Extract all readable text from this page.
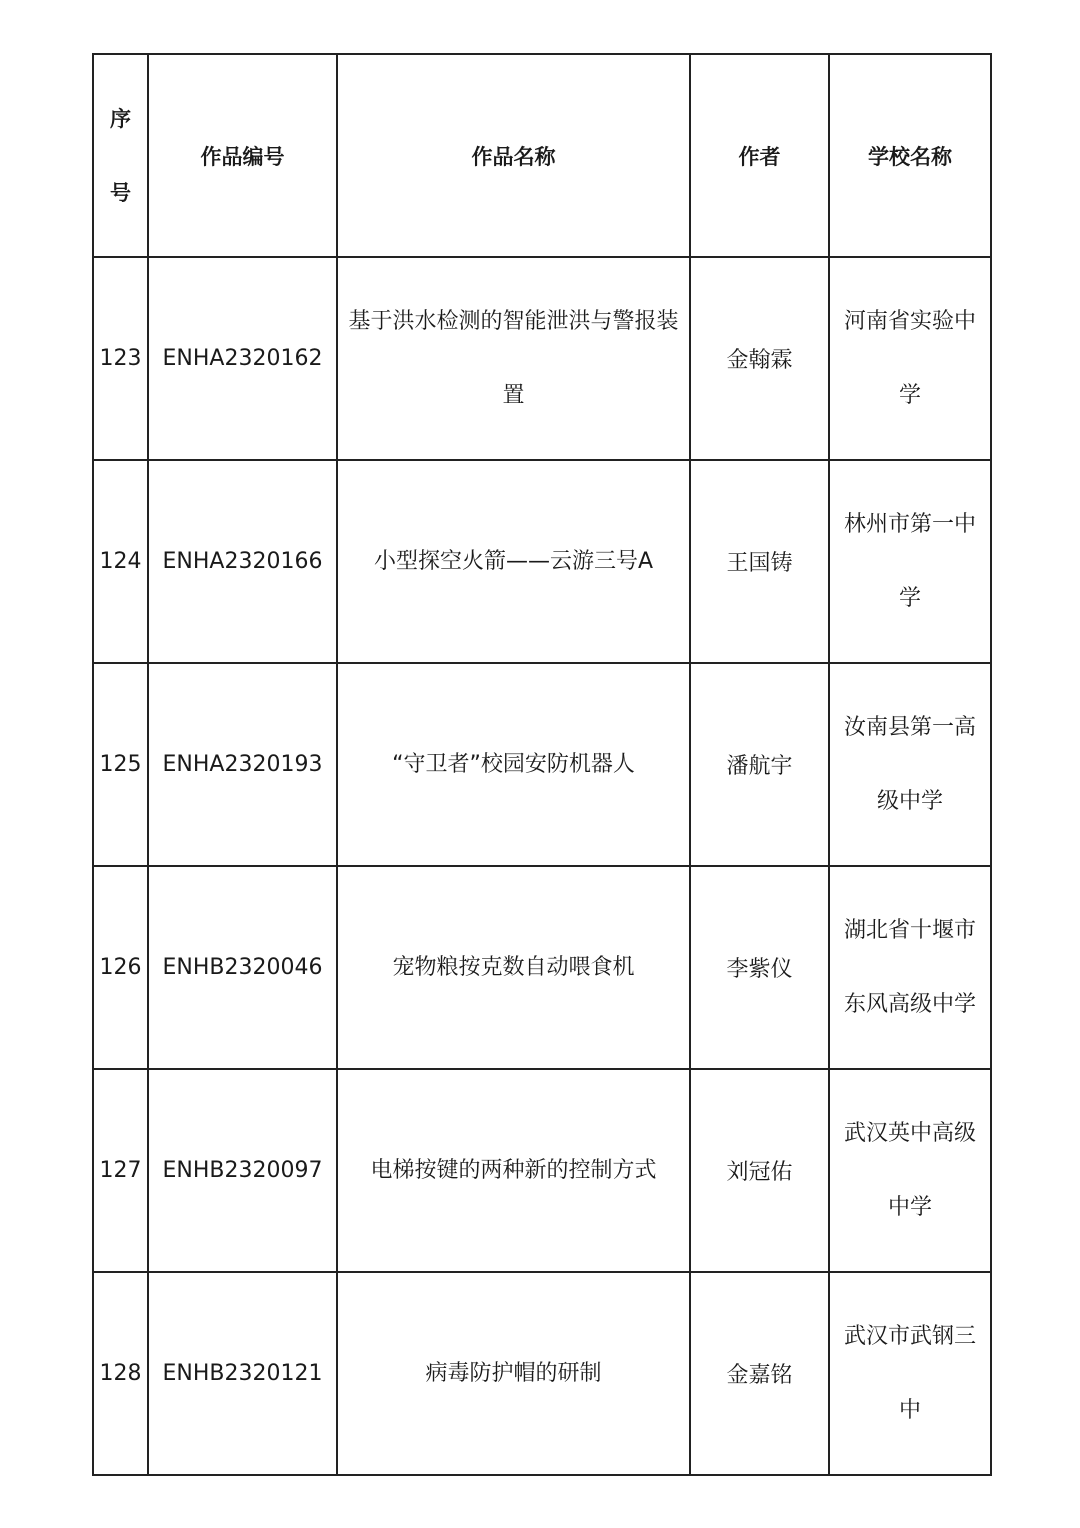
序号	作品编号	作品名称	作者	学校名称
123	ENHA2320162	基于洪水检测的智能泄洪与警报装置	金翰霖	河南省实验中学
124	ENHA2320166	小型探空火箭——云游三号A	王国铸	林州市第一中学
125	ENHA2320193	“守卫者”校园安防机器人	潘航宇	汝南县第一高级中学
126	ENHB2320046	宠物粮按克数自动喂食机	李紫仪	湖北省十堰市东风高级中学
127	ENHB2320097	电梯按键的两种新的控制方式	刘冠佑	武汉英中高级中学
128	ENHB2320121	病毒防护帽的研制	金嘉铭	武汉市武钢三中
